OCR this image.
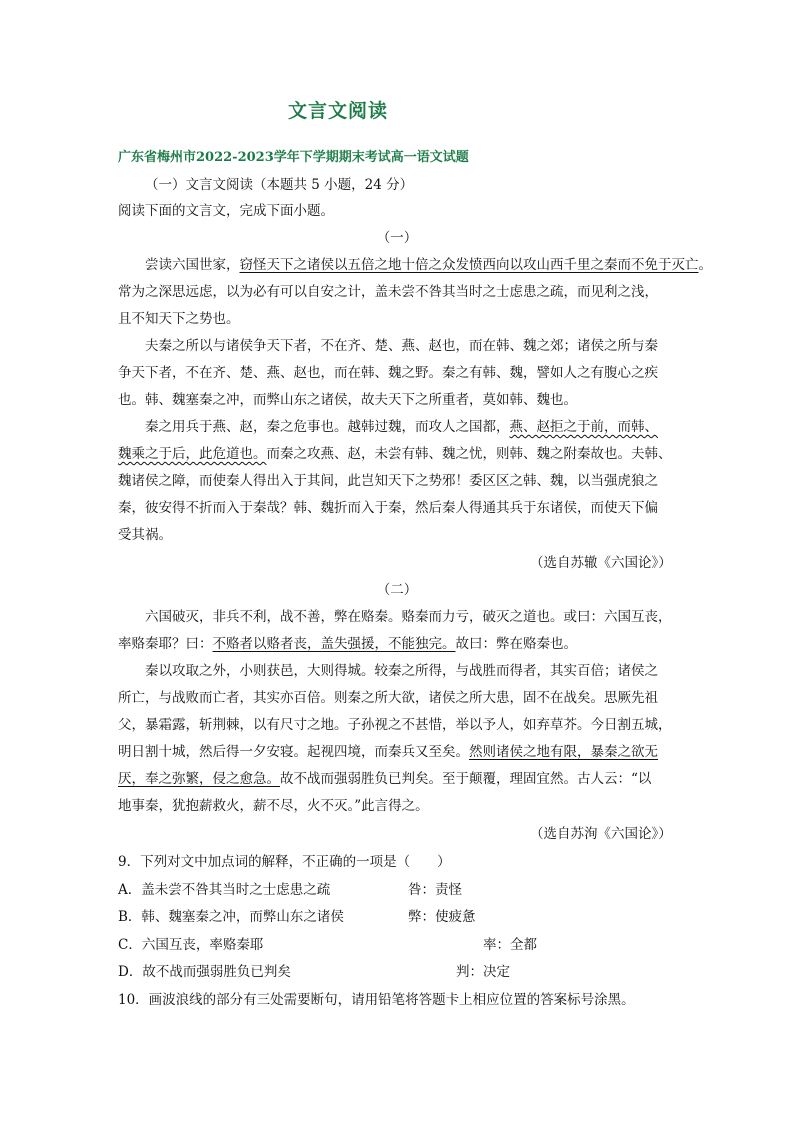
文言文阅读
广东省梅州市2022-2023学年下学期期末考试高一语文试题
（一）文言文阅读（本题共 5 小题，24 分）
阅读下面的文言文，完成下面小题。
（一）
尝读六国世家，窃怪天下之诸侯以五倍之地十倍之众发愤西向以攻山西千里之秦而不免于灭亡。
常为之深思远虑，以为必有可以自安之计，盖未尝不咎其当时之士虑患之疏，而见利之浅，
且不知天下之势也。
夫秦之所以与诸侯争天下者，不在齐、楚、燕、赵也，而在韩、魏之郊；诸侯之所与秦
争天下者，不在齐、楚、燕、赵也，而在韩、魏之野。秦之有韩、魏，譬如人之有腹心之疾
也。韩、魏塞秦之冲，而弊山东之诸侯，故夫天下之所重者，莫如韩、魏也。
秦之用兵于燕、赵，秦之危事也。越韩过魏，而攻人之国都，燕、赵拒之于前，而韩、
魏乘之于后，此危道也。而秦之攻燕、赵，未尝有韩、魏之忧，则韩、魏之附秦故也。夫韩、
魏诸侯之障，而使秦人得出入于其间，此岂知天下之势邪！委区区之韩、魏，以当强虎狼之
秦，彼安得不折而入于秦哉？韩、魏折而入于秦，然后秦人得通其兵于东诸侯，而使天下偏
受其祸。
（选自苏辙《六国论》）
（二）
六国破灭，非兵不利，战不善，弊在赂秦。赂秦而力亏，破灭之道也。或曰：六国互丧，
率赂秦耶？曰：不赂者以赂者丧，盖失强援，不能独完。故曰：弊在赂秦也。
秦以攻取之外，小则获邑，大则得城。较秦之所得，与战胜而得者，其实百倍；诸侯之
所亡，与战败而亡者，其实亦百倍。则秦之所大欲，诸侯之所大患，固不在战矣。思厥先祖
父，暴霜露，斩荆棘，以有尺寸之地。子孙视之不甚惜，举以予人，如弃草芥。今日割五城，
明日割十城，然后得一夕安寝。起视四境，而秦兵又至矣。然则诸侯之地有限，暴秦之欲无
厌，奉之弥繁，侵之愈急。故不战而强弱胜负已判矣。至于颠覆，理固宜然。古人云：“以
地事秦，犹抱薪救火，薪不尽，火不灭。”此言得之。
（选自苏洵《六国论》）
9．下列对文中加点词的解释，不正确的一项是（　　）
A．盖未尝不咎其当时之士虑患之疏	咎：责怪
B．韩、魏塞秦之冲，而弊山东之诸侯	弊：使疲惫
C．六国互丧，率赂秦耶	率：全都
D．故不战而强弱胜负已判矣	判：决定
10．画波浪线的部分有三处需要断句，请用铅笔将答题卡上相应位置的答案标号涂黑。
